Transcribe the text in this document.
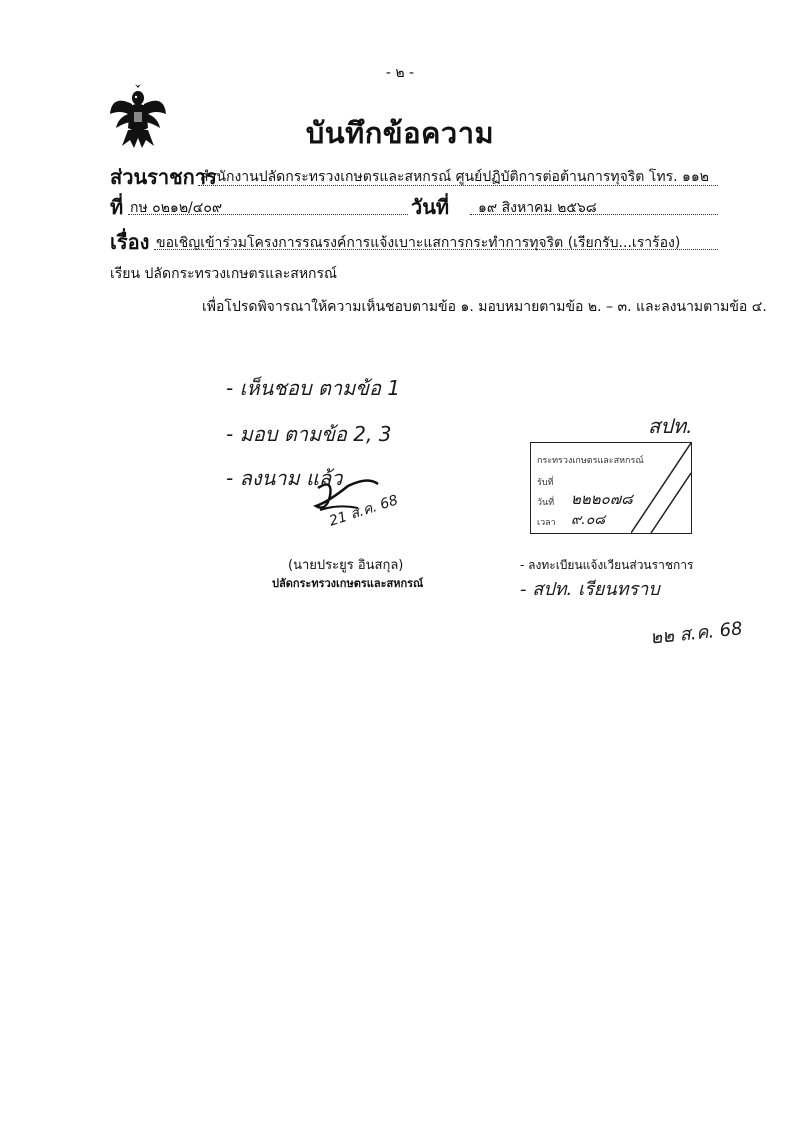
- ๒ -
บันทึกข้อความ
ส่วนราชการ
สำนักงานปลัดกระทรวงเกษตรและสหกรณ์ ศูนย์ปฏิบัติการต่อต้านการทุจริต โทร. ๑๑๒
ที่ กษ ๐๒๑๒/๔๐๙	วันที่ ๑๙ สิงหาคม ๒๕๖๘
เรื่อง ขอเชิญเข้าร่วมโครงการรณรงค์การแจ้งเบาะแสการกระทำการทุจริต (เรียกรับ...เราร้อง)
เรียน ปลัดกระทรวงเกษตรและสหกรณ์
เพื่อโปรดพิจารณาให้ความเห็นชอบตามข้อ ๑. มอบหมายตามข้อ ๒. – ๓. และลงนามตามข้อ ๔.
- เห็นชอบ ตามข้อ 1
- มอบ ตามข้อ 2, 3
- ลงนาม แล้ว
21 ส.ค. 68
(นายประยูร อินสกุล)
ปลัดกระทรวงเกษตรและสหกรณ์
สปท.
กระทรวงเกษตรและสหกรณ์
รับที่
วันที่
เวลา
๒๒๒๐๗๘
๙.๐๘
- ลงทะเบียนแจ้งเวียนส่วนราชการ
- สปท. เรียนทราบ
๒๒ ส.ค. 68
